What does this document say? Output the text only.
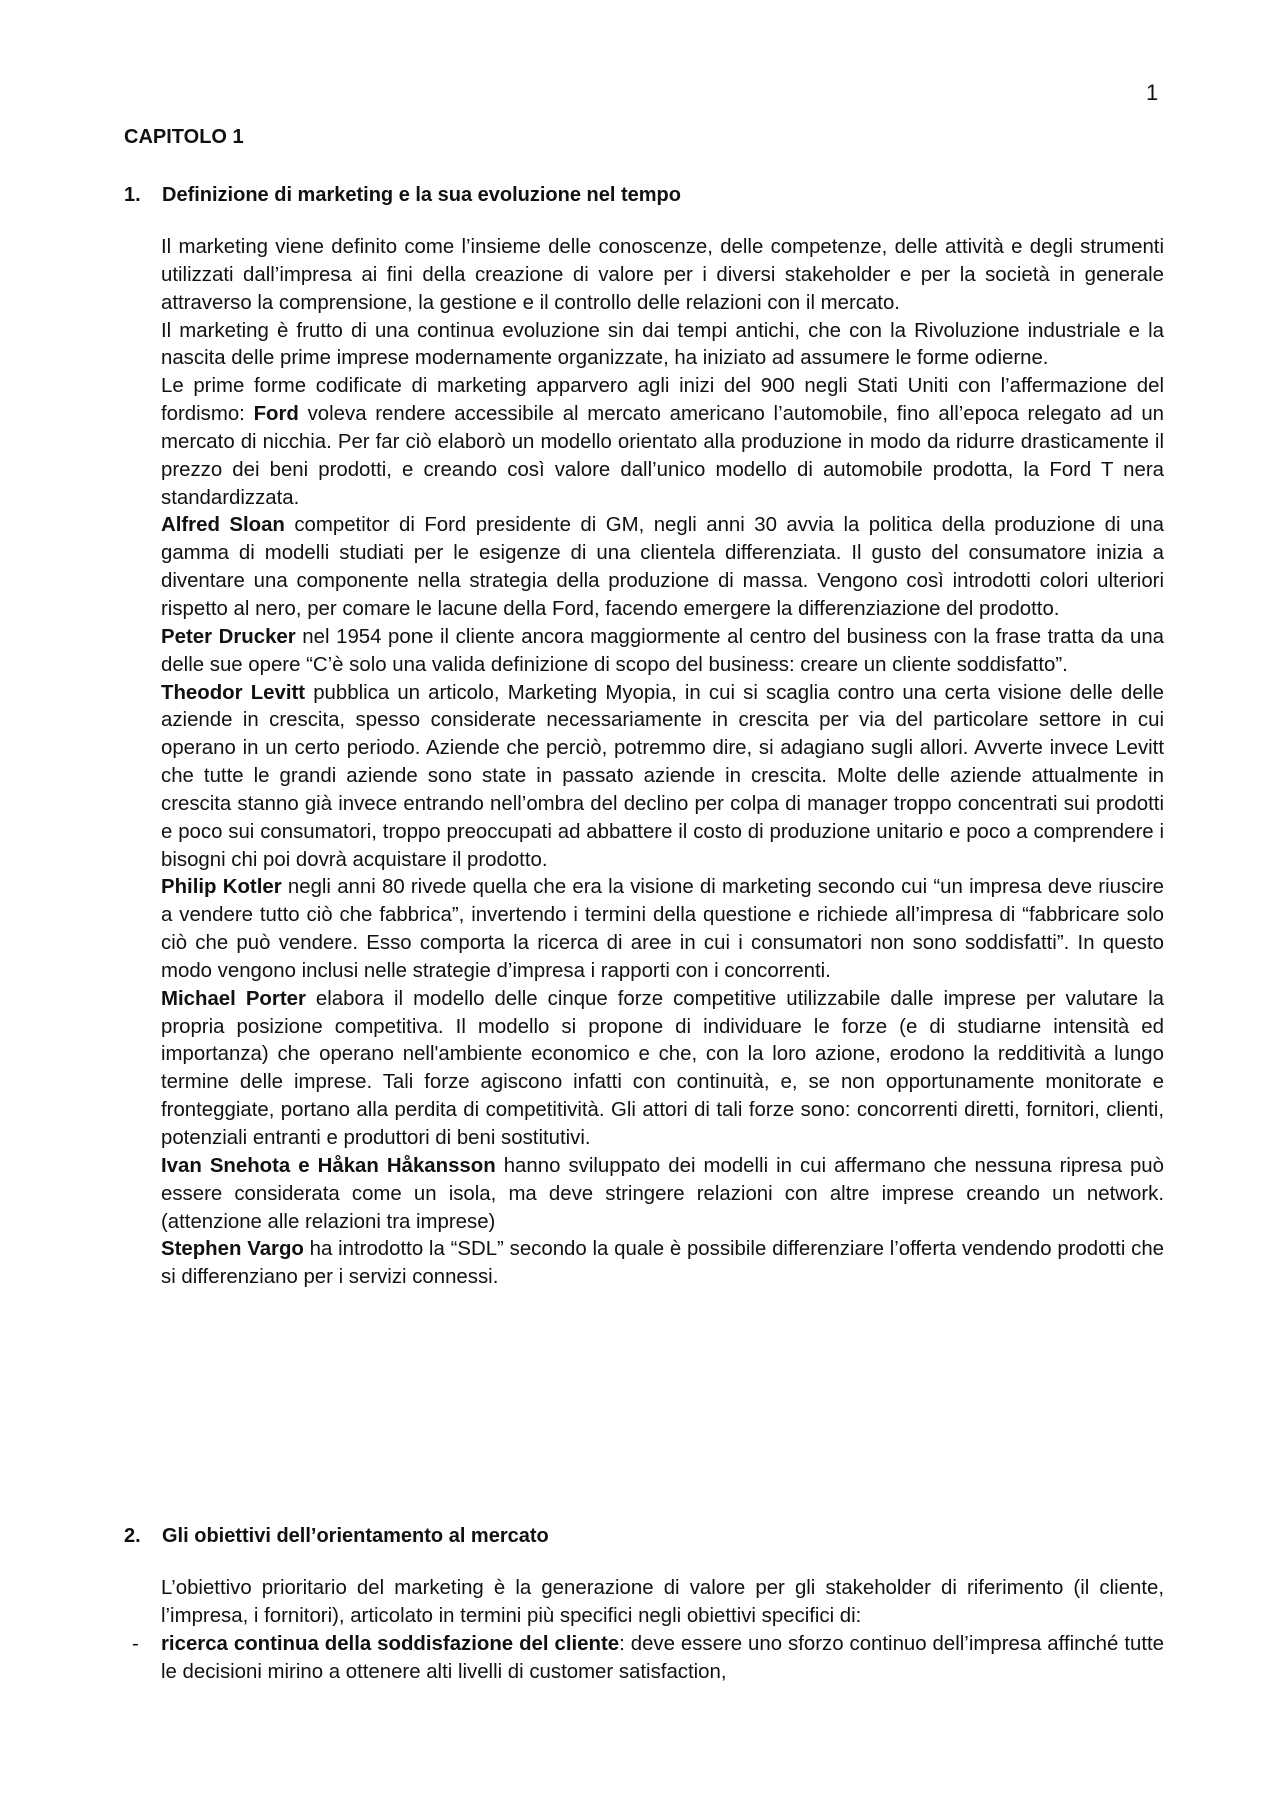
1
CAPITOLO 1
1. Definizione di marketing e la sua evoluzione nel tempo

Il marketing viene definito come l’insieme delle conoscenze, delle competenze, delle attività e degli strumenti utilizzati dall’impresa ai fini della creazione di valore per i diversi stakeholder e per la società in generale attraverso la comprensione, la gestione e il controllo delle relazioni con il mercato.

Il marketing è frutto di una continua evoluzione sin dai tempi antichi, che con la Rivoluzione industriale e la nascita delle prime imprese modernamente organizzate, ha iniziato ad assumere le forme odierne.

Le prime forme codificate di marketing apparvero agli inizi del 900 negli Stati Uniti con l’affermazione del fordismo: Ford voleva rendere accessibile al mercato americano l’automobile, fino all’epoca relegato ad un mercato di nicchia. Per far ciò elaborò un modello orientato alla produzione in modo da ridurre drasticamente il prezzo dei beni prodotti, e creando così valore dall’unico modello di automobile prodotta, la Ford T nera standardizzata.

Alfred Sloan competitor di Ford presidente di GM, negli anni 30 avvia la politica della produzione di una gamma di modelli studiati per le esigenze di una clientela differenziata. Il gusto del consumatore inizia a diventare una componente nella strategia della produzione di massa. Vengono così introdotti colori ulteriori rispetto al nero, per comare le lacune della Ford, facendo emergere la differenziazione del prodotto.

Peter Drucker nel 1954 pone il cliente ancora maggiormente al centro del business con la frase tratta da una delle sue opere “C’è solo una valida definizione di scopo del business: creare un cliente soddisfatto”.

Theodor Levitt pubblica un articolo, Marketing Myopia, in cui si scaglia contro una certa visione delle delle aziende in crescita, spesso considerate necessariamente in crescita per via del particolare settore in cui operano in un certo periodo. Aziende che perciò, potremmo dire, si adagiano sugli allori. Avverte invece Levitt che tutte le grandi aziende sono state in passato aziende in crescita. Molte delle aziende attualmente in crescita stanno già invece entrando nell’ombra del declino per colpa di manager troppo concentrati sui prodotti e poco sui consumatori, troppo preoccupati ad abbattere il costo di produzione unitario e poco a comprendere i bisogni chi poi dovrà acquistare il prodotto.

Philip Kotler negli anni 80 rivede quella che era la visione di marketing secondo cui “un impresa deve riuscire a vendere tutto ciò che fabbrica”, invertendo i termini della questione e richiede all’impresa di “fabbricare solo ciò che può vendere. Esso comporta la ricerca di aree in cui i consumatori non sono soddisfatti”. In questo modo vengono inclusi nelle strategie d’impresa i rapporti con i concorrenti.

Michael Porter elabora il modello delle cinque forze competitive utilizzabile dalle imprese per valutare la propria posizione competitiva. Il modello si propone di individuare le forze (e di studiarne intensità ed importanza) che operano nell'ambiente economico e che, con la loro azione, erodono la redditività a lungo termine delle imprese. Tali forze agiscono infatti con continuità, e, se non opportunamente monitorate e fronteggiate, portano alla perdita di competitività. Gli attori di tali forze sono: concorrenti diretti, fornitori, clienti, potenziali entranti e produttori di beni sostitutivi.

Ivan Snehota e Håkan Håkansson hanno sviluppato dei modelli in cui affermano che nessuna ripresa può essere considerata come un isola, ma deve stringere relazioni con altre imprese creando un network. (attenzione alle relazioni tra imprese)

Stephen Vargo ha introdotto la “SDL” secondo la quale è possibile differenziare l’offerta vendendo prodotti che si differenziano per i servizi connessi.

2. Gli obiettivi dell’orientamento al mercato

L’obiettivo prioritario del marketing è la generazione di valore per gli stakeholder di riferimento (il cliente, l’impresa, i fornitori), articolato in termini più specifici negli obiettivi specifici di:

- ricerca continua della soddisfazione del cliente: deve essere uno sforzo continuo dell’impresa affinché tutte le decisioni mirino a ottenere alti livelli di customer satisfaction,
